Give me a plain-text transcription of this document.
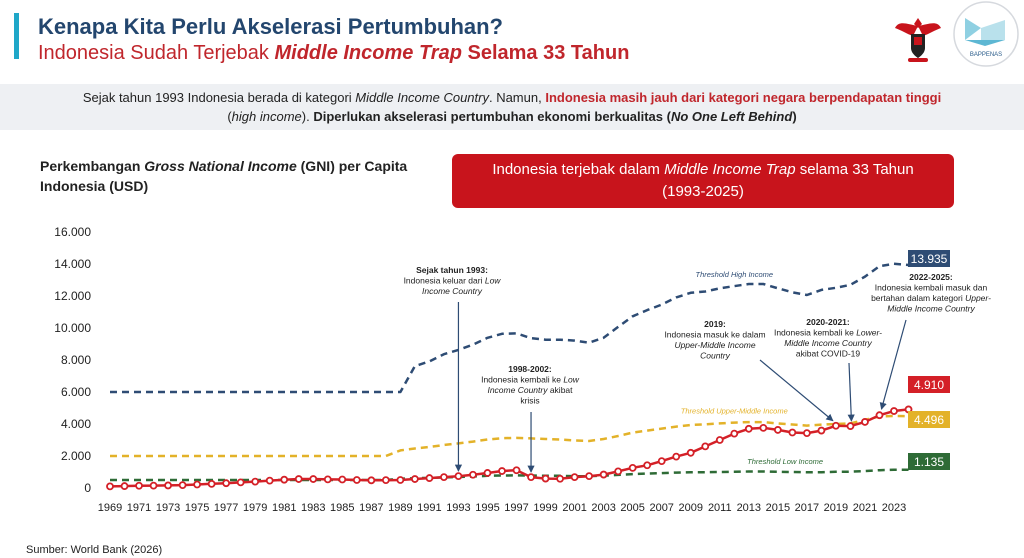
Kenapa Kita Perlu Akselerasi Pertumbuhan?
Indonesia Sudah Terjebak Middle Income Trap Selama 33 Tahun	BAPPENAS
Sejak tahun 1993 Indonesia berada di kategori Middle Income Country. Namun, Indonesia masih jauh dari kategori negara berpendapatan tinggi
(high income). Diperlukan akselerasi pertumbuhan ekonomi berkualitas (No One Left Behind)
Perkembangan Gross National Income (GNI) per Capita
Indonesia (USD)
Indonesia terjebak dalam Middle Income Trap selama 33 Tahun
(1993-2025)
0
2.000
4.000
6.000
8.000
10.000
12.000
14.000
16.000
1969 1971 1973 1975 1977 1979 1981 1983 1985 1987 1989 1991 1993 1995 1997 1999 2001 2003 2005 2007 2009 2011 2013 2015 2017 2019 2021 2023
Threshold High Income
Threshold Upper-Middle Income
Threshold Low Income
13.935
4.496
1.135
4.910
Sejak tahun 1993:
Indonesia keluar dari Low
Income Country
1998-2002:
Indonesia kembali ke Low
Income Country akibat
krisis
2019:
Indonesia masuk ke dalam
Upper-Middle Income
Country
2020-2021:
Indonesia kembali ke Lower-
Middle Income Country
akibat COVID-19
2022-2025:
Indonesia kembali masuk dan
bertahan dalam kategori Upper-
Middle Income Country
Sumber: World Bank (2026)
